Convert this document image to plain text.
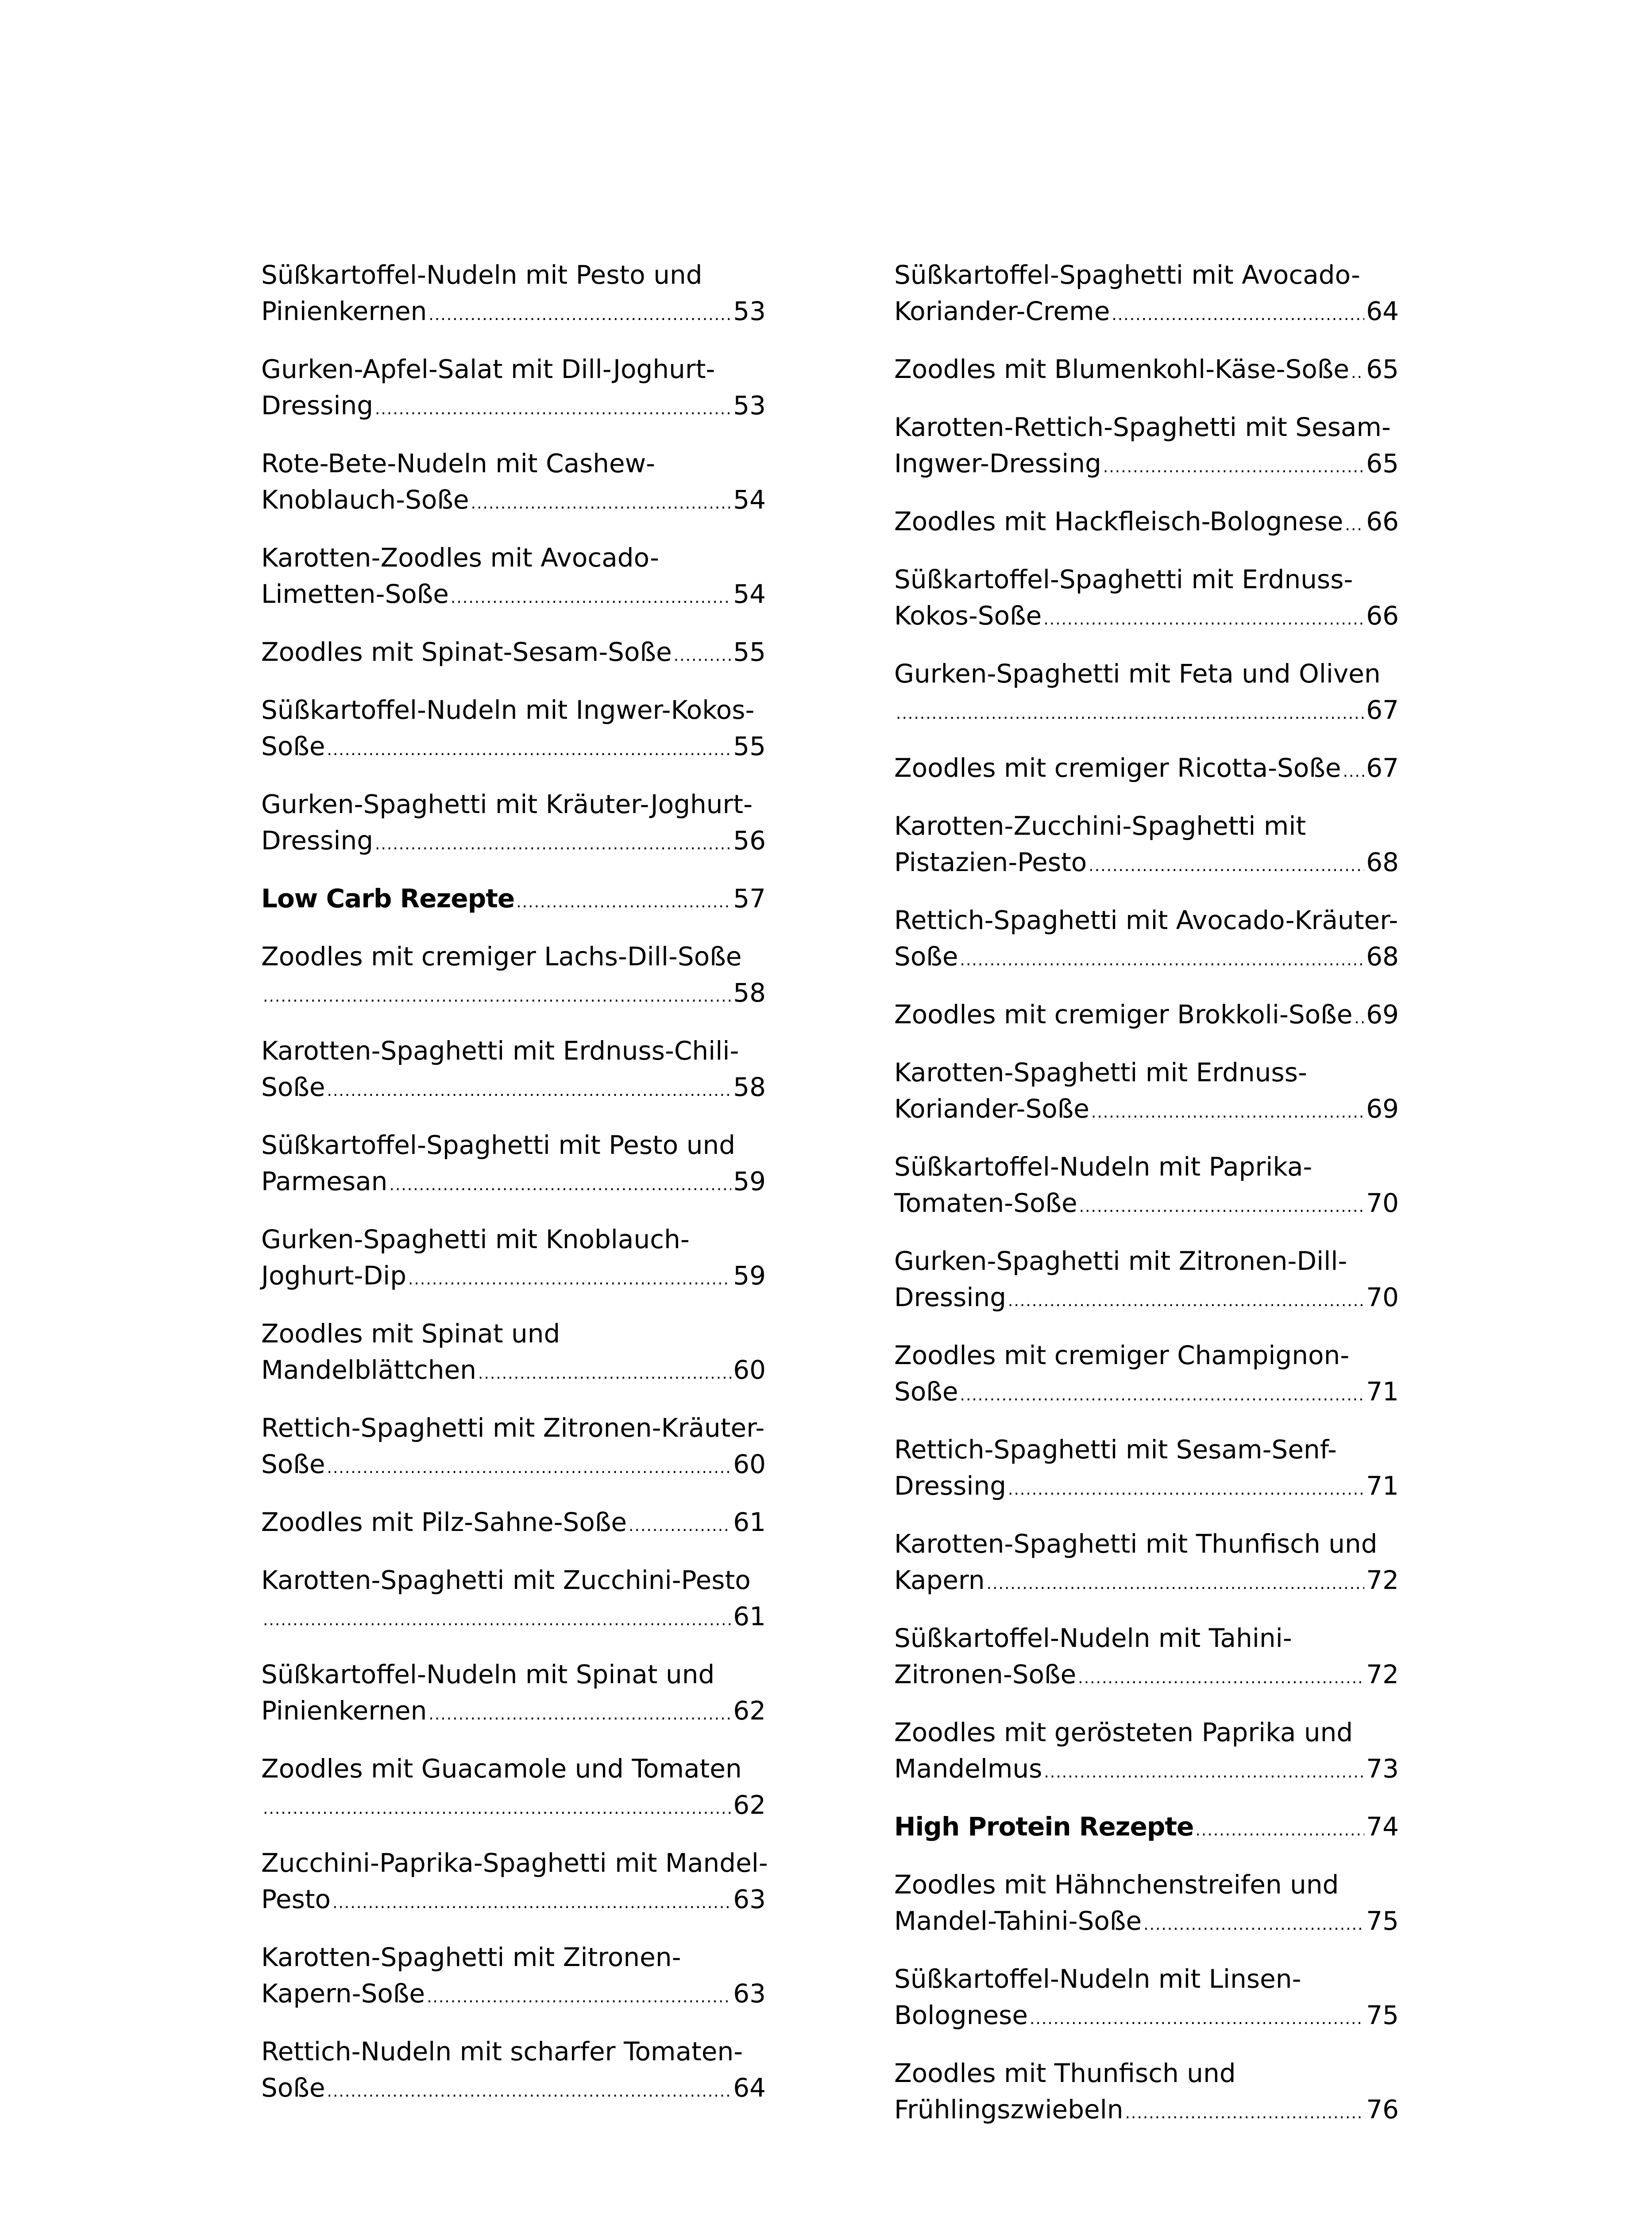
Süßkartoffel-Nudeln mit Pesto und
Pinienkernen .....	53
Gurken-Apfel-Salat mit Dill-Joghurt-
Dressing .....	53
Rote-Bete-Nudeln mit Cashew-
Knoblauch-Soße .....	54
Karotten-Zoodles mit Avocado-
Limetten-Soße .....	54
Zoodles mit Spinat-Sesam-Soße ..... 55
Süßkartoffel-Nudeln mit Ingwer-Kokos-
Soße .....	55
Gurken-Spaghetti mit Kräuter-Joghurt-
Dressing .....	56
Low Carb Rezepte .....	57
Zoodles mit cremiger Lachs-Dill-Soße
.....
58
Karotten-Spaghetti mit Erdnuss-Chili-
Soße .....	58
Süßkartoffel-Spaghetti mit Pesto und
Parmesan .....	59
Gurken-Spaghetti mit Knoblauch-
Joghurt-Dip .....	59
Zoodles mit Spinat und
Mandelblättchen .....	60
Rettich-Spaghetti mit Zitronen-Kräuter-
Soße .....	60
Zoodles mit Pilz-Sahne-Soße .....	61
Karotten-Spaghetti mit Zucchini-Pesto
.....
61
Süßkartoffel-Nudeln mit Spinat und
Pinienkernen .....	62
Zoodles mit Guacamole und Tomaten
.....
62
Zucchini-Paprika-Spaghetti mit Mandel-
Pesto .....	63
Karotten-Spaghetti mit Zitronen-
Kapern-Soße .....	63
Rettich-Nudeln mit scharfer Tomaten-
Soße .....	64
Süßkartoffel-Spaghetti mit Avocado-
Koriander-Creme .....	64
Zoodles mit Blumenkohl-Käse-Soße ..... 65
Karotten-Rettich-Spaghetti mit Sesam-
Ingwer-Dressing .....	65
Zoodles mit Hackfleisch-Bolognese ..... 66
Süßkartoffel-Spaghetti mit Erdnuss-
Kokos-Soße .....	66
Gurken-Spaghetti mit Feta und Oliven
.....
67
Zoodles mit cremiger Ricotta-Soße ..... 67
Karotten-Zucchini-Spaghetti mit
Pistazien-Pesto .....	68
Rettich-Spaghetti mit Avocado-Kräuter-
Soße .....	68
Zoodles mit cremiger Brokkoli-Soße ..... 69
Karotten-Spaghetti mit Erdnuss-
Koriander-Soße .....	69
Süßkartoffel-Nudeln mit Paprika-
Tomaten-Soße .....	70
Gurken-Spaghetti mit Zitronen-Dill-
Dressing .....	70
Zoodles mit cremiger Champignon-
Soße .....	71
Rettich-Spaghetti mit Sesam-Senf-
Dressing .....	71
Karotten-Spaghetti mit Thunfisch und
Kapern .....	72
Süßkartoffel-Nudeln mit Tahini-
Zitronen-Soße .....	72
Zoodles mit gerösteten Paprika und
Mandelmus .....	73
High Protein Rezepte .....	74
Zoodles mit Hähnchenstreifen und
Mandel-Tahini-Soße .....	75
Süßkartoffel-Nudeln mit Linsen-
Bolognese .....	75
Zoodles mit Thunfisch und
Frühlingszwiebeln .....	76
